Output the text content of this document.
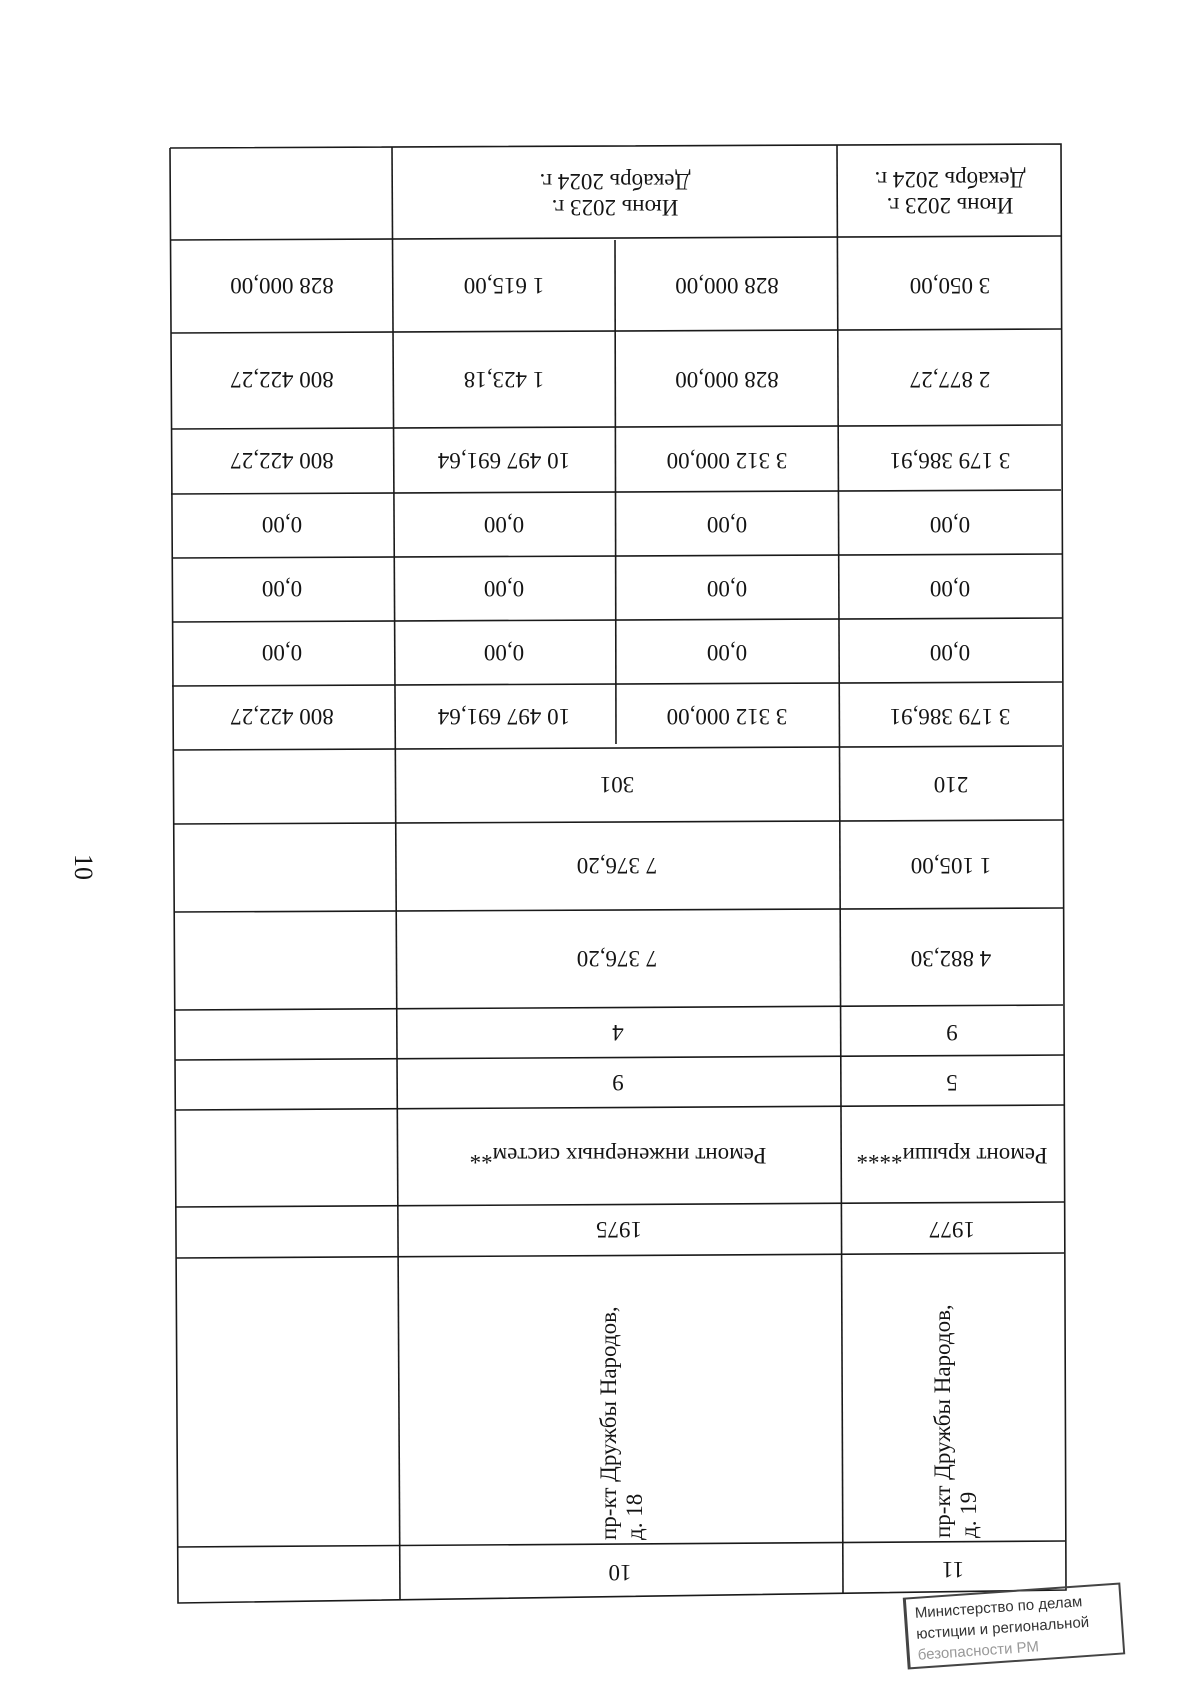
10
Июнь 2023 г.
Декабрь 2024 г.
Июнь 2023 г.
Декабрь 2024 г.
3 050,00
828 000,00
1 615,00
828 000,00
2 877,27
828 000,00
1 423,18
800 422,27
3 179 386,91
3 312 000,00
10 497 691,64
800 422,27
0,00
0,00
0,00
0,00
0,00
0,00
0,00
0,00
0,00
0,00
0,00
0,00
3 179 386,91
3 312 000,00
10 497 691,64
800 422,27
210
301
1 105,00
7 376,20
4 882,30
7 376,20
9
4
5
9
Ремонт крыши****
Ремонт инженерных систем**
1977
1975
пр-кт Дружбы Народов,
д. 19
пр-кт Дружбы Народов,
д. 18
11
10
Министерство по делам
юстиции и региональной
безопасности РМ
